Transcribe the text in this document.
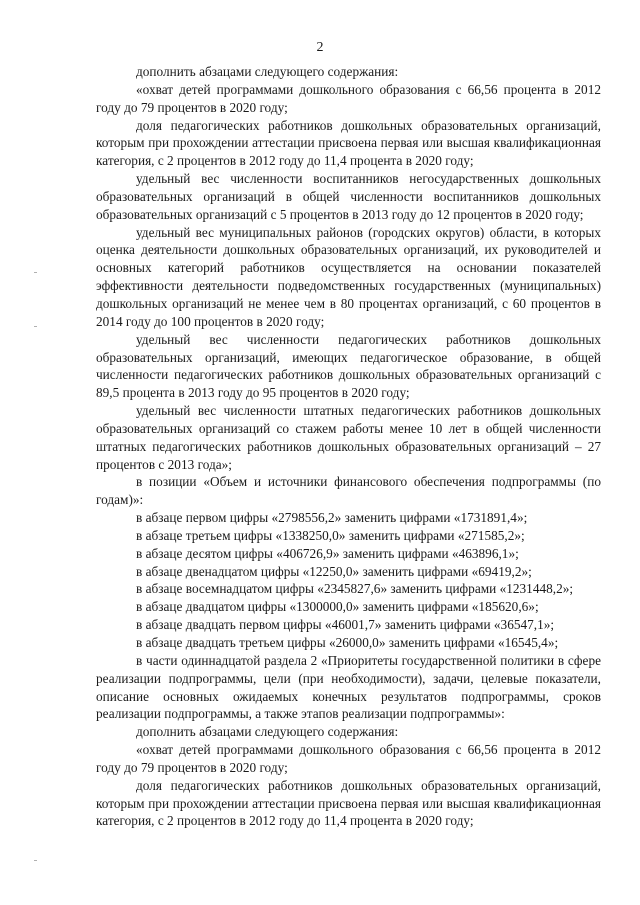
2

дополнить абзацами следующего содержания:

«охват детей программами дошкольного образования с 66,56 процента в 2012 году до 79 процентов в 2020 году;

доля педагогических работников дошкольных образовательных организаций, которым при прохождении аттестации присвоена первая или высшая квалификационная категория, с 2 процентов в 2012 году до 11,4 процента в 2020 году;

удельный вес численности воспитанников негосударственных дошкольных образовательных организаций в общей численности воспитанников дошкольных образовательных организаций с 5 процентов в 2013 году до 12 процентов в 2020 году;

удельный вес муниципальных районов (городских округов) области, в которых оценка деятельности дошкольных образовательных организаций, их руководителей и основных категорий работников осуществляется на основании показателей эффективности деятельности подведомственных государственных (муниципальных) дошкольных организаций не менее чем в 80 процентах организаций, с 60 процентов в 2014 году до 100 процентов в 2020 году;

удельный вес численности педагогических работников дошкольных образовательных организаций, имеющих педагогическое образование, в общей численности педагогических работников дошкольных образовательных организаций с 89,5 процента в 2013 году до 95 процентов в 2020 году;

удельный вес численности штатных педагогических работников дошкольных образовательных организаций со стажем работы менее 10 лет в общей численности штатных педагогических работников дошкольных образовательных организаций – 27 процентов с 2013 года»;

в позиции «Объем и источники финансового обеспечения подпрограммы (по годам)»:

в абзаце первом цифры «2798556,2» заменить цифрами «1731891,4»;

в абзаце третьем цифры «1338250,0» заменить цифрами «271585,2»;

в абзаце десятом цифры «406726,9» заменить цифрами «463896,1»;

в абзаце двенадцатом цифры «12250,0» заменить цифрами «69419,2»;

в абзаце восемнадцатом цифры «2345827,6» заменить цифрами «1231448,2»;

в абзаце двадцатом цифры «1300000,0» заменить цифрами «185620,6»;

в абзаце двадцать первом цифры «46001,7» заменить цифрами «36547,1»;

в абзаце двадцать третьем цифры «26000,0» заменить цифрами «16545,4»;

в части одиннадцатой раздела 2 «Приоритеты государственной политики в сфере реализации подпрограммы, цели (при необходимости), задачи, целевые показатели, описание основных ожидаемых конечных результатов подпрограммы, сроков реализации подпрограммы, а также этапов реализации подпрограммы»:

дополнить абзацами следующего содержания:

«охват детей программами дошкольного образования с 66,56 процента в 2012 году до 79 процентов в 2020 году;

доля педагогических работников дошкольных образовательных организаций, которым при прохождении аттестации присвоена первая или высшая квалификационная категория, с 2 процентов в 2012 году до 11,4 процента в 2020 году;
